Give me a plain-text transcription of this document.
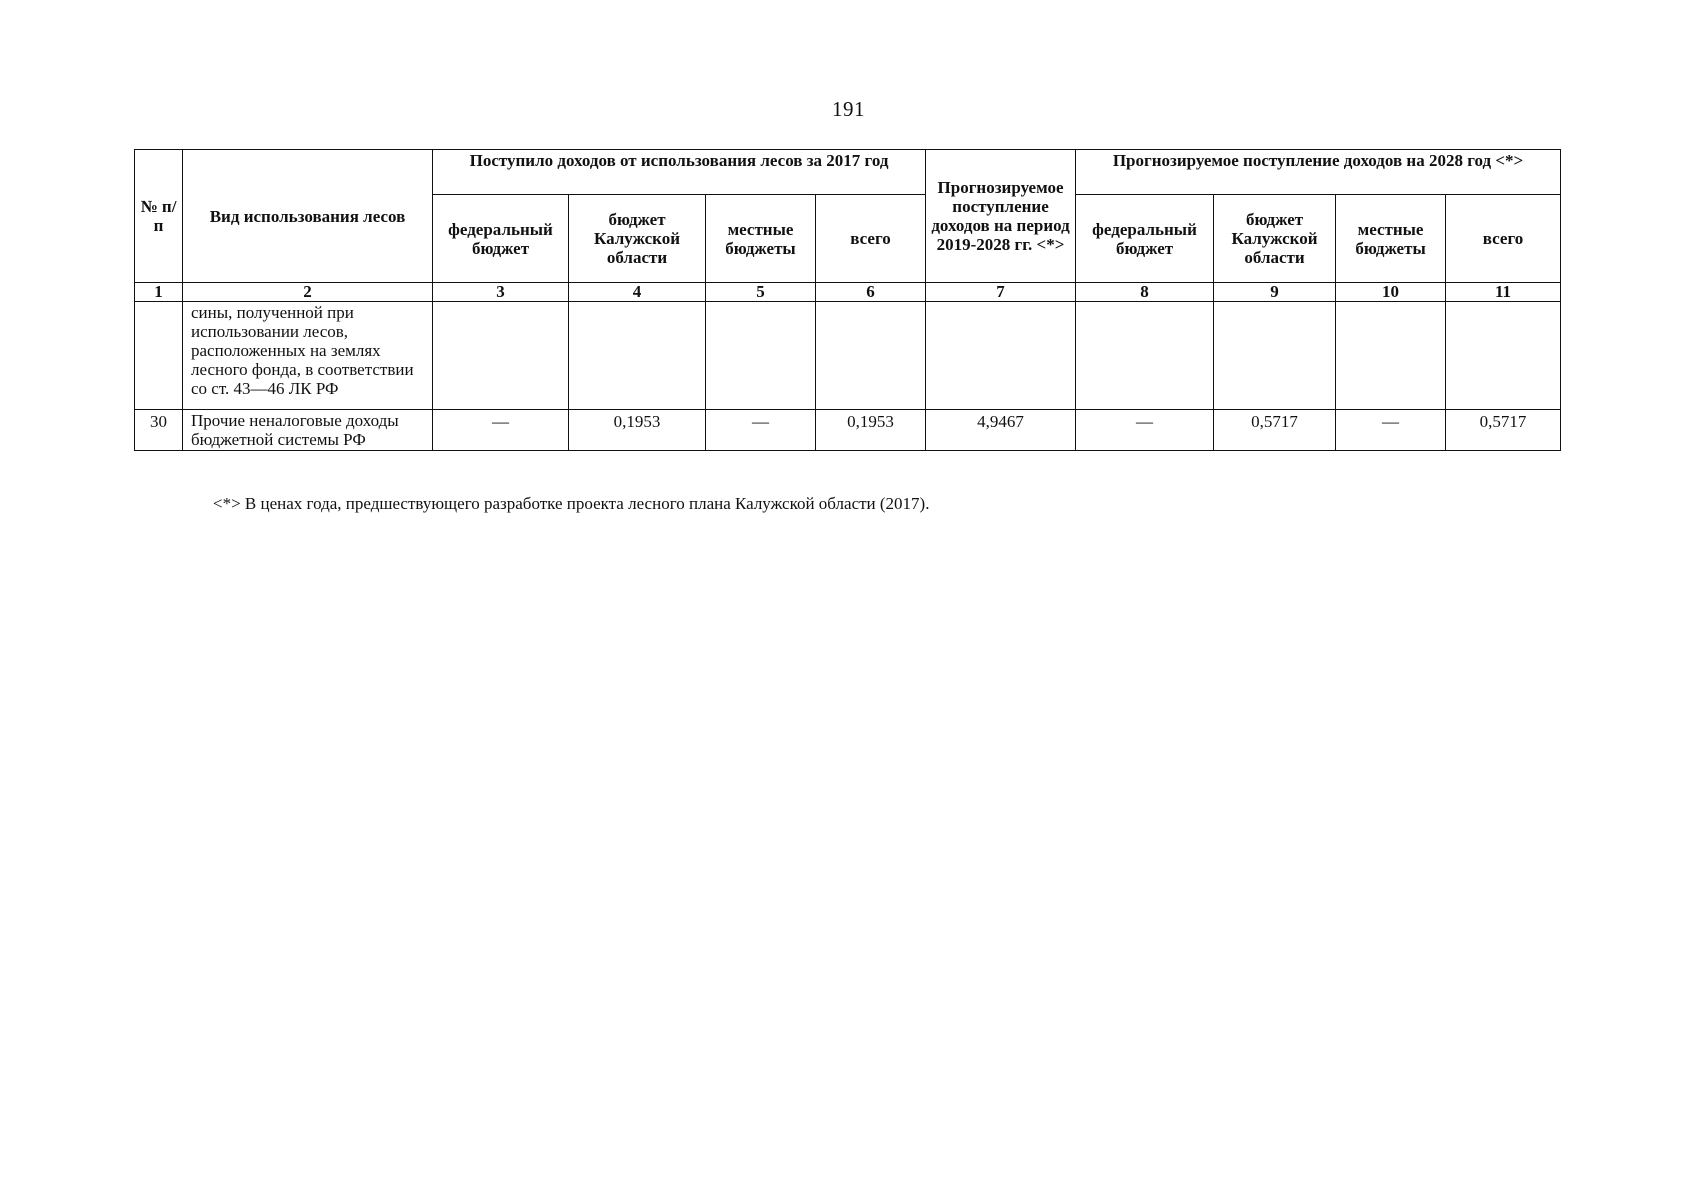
191
№ п/п	Вид использования лесов	Поступило доходов от использования лесов за 2017 год				Прогнозируемое поступление доходов на период 2019-2028 гг. <*>	Прогнозируемое поступление доходов на 2028 год <*>			
		федеральный бюджет	бюджет Калужской области	местные бюджеты	всего		федеральный бюджет	бюджет Калужской области	местные бюджеты	всего
1	2	3	4	5	6	7	8	9	10	11
	сины, полученной при использовании лесов, расположенных на землях лесного фонда, в соответствии со ст. 43—46 ЛК РФ									
30	Прочие неналоговые доходы бюджетной системы РФ	—	0,1953	—	0,1953	4,9467	—	0,5717	—	0,5717
<*> В ценах года, предшествующего разработке проекта лесного плана Калужской области (2017).
